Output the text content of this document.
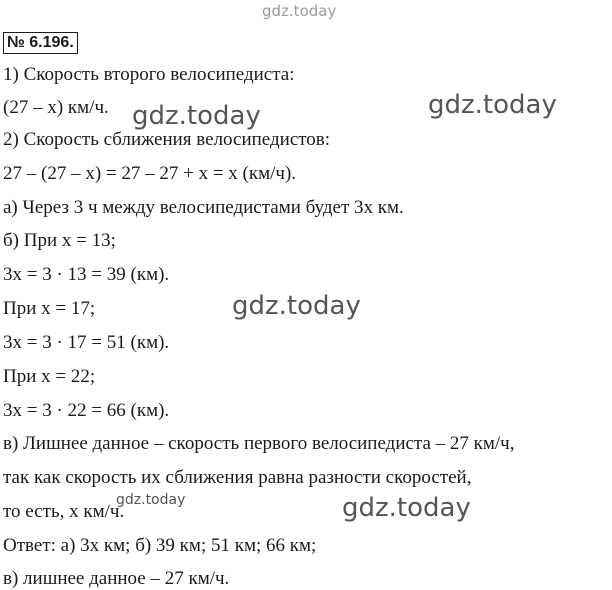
gdz.today
№ 6.196.
1) Скорость второго велосипедиста:
(27 – x) км/ч.
2) Скорость сближения велосипедистов:
27 – (27 – x) = 27 – 27 + x = x (км/ч).
а) Через 3 ч между велосипедистами будет 3x км.
б) При x = 13;
3x = 3 · 13 = 39 (км).
При x = 17;
3x = 3 · 17 = 51 (км).
При x = 22;
3x = 3 · 22 = 66 (км).
в) Лишнее данное – скорость первого велосипедиста – 27 км/ч,
так как скорость их сближения равна разности скоростей,
то есть, x км/ч.
Ответ: а) 3x км; б) 39 км; 51 км; 66 км;
в) лишнее данное – 27 км/ч.
gdz.today	gdz.today
gdz.today
gdz.today
gdz.today
